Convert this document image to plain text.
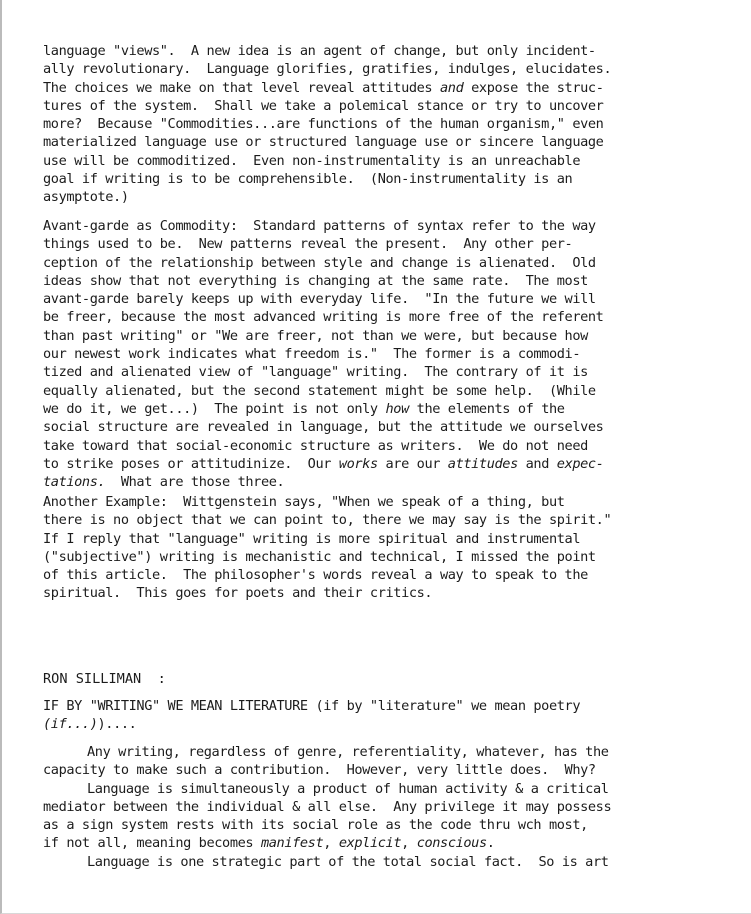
language "views".  A new idea is an agent of change, but only incident-
ally revolutionary.  Language glorifies, gratifies, indulges, elucidates.
The choices we make on that level reveal attitudes and expose the struc-
tures of the system.  Shall we take a polemical stance or try to uncover
more?  Because "Commodities...are functions of the human organism," even
materialized language use or structured language use or sincere language
use will be commoditized.  Even non-instrumentality is an unreachable
goal if writing is to be comprehensible.  (Non-instrumentality is an
asymptote.)
Avant-garde as Commodity:  Standard patterns of syntax refer to the way
things used to be.  New patterns reveal the present.  Any other per-
ception of the relationship between style and change is alienated.  Old
ideas show that not everything is changing at the same rate.  The most
avant-garde barely keeps up with everyday life.  "In the future we will
be freer, because the most advanced writing is more free of the referent
than past writing" or "We are freer, not than we were, but because how
our newest work indicates what freedom is."  The former is a commodi-
tized and alienated view of "language" writing.  The contrary of it is
equally alienated, but the second statement might be some help.  (While
we do it, we get...)  The point is not only how the elements of the
social structure are revealed in language, but the attitude we ourselves
take toward that social-economic structure as writers.  We do not need
to strike poses or attitudinize.  Our works are our attitudes and expec-
tations.  What are those three.
Another Example:  Wittgenstein says, "When we speak of a thing, but
there is no object that we can point to, there we may say is the spirit."
If I reply that "language" writing is more spiritual and instrumental
("subjective") writing is mechanistic and technical, I missed the point
of this article.  The philosopher's words reveal a way to speak to the
spiritual.  This goes for poets and their critics.
RON SILLIMAN  :
IF BY "WRITING" WE MEAN LITERATURE (if by "literature" we mean poetry
(if...))....
Any writing, regardless of genre, referentiality, whatever, has the
capacity to make such a contribution.  However, very little does.  Why?
Language is simultaneously a product of human activity & a critical
mediator between the individual & all else.  Any privilege it may possess
as a sign system rests with its social role as the code thru wch most,
if not all, meaning becomes manifest, explicit, conscious.
Language is one strategic part of the total social fact.  So is art
